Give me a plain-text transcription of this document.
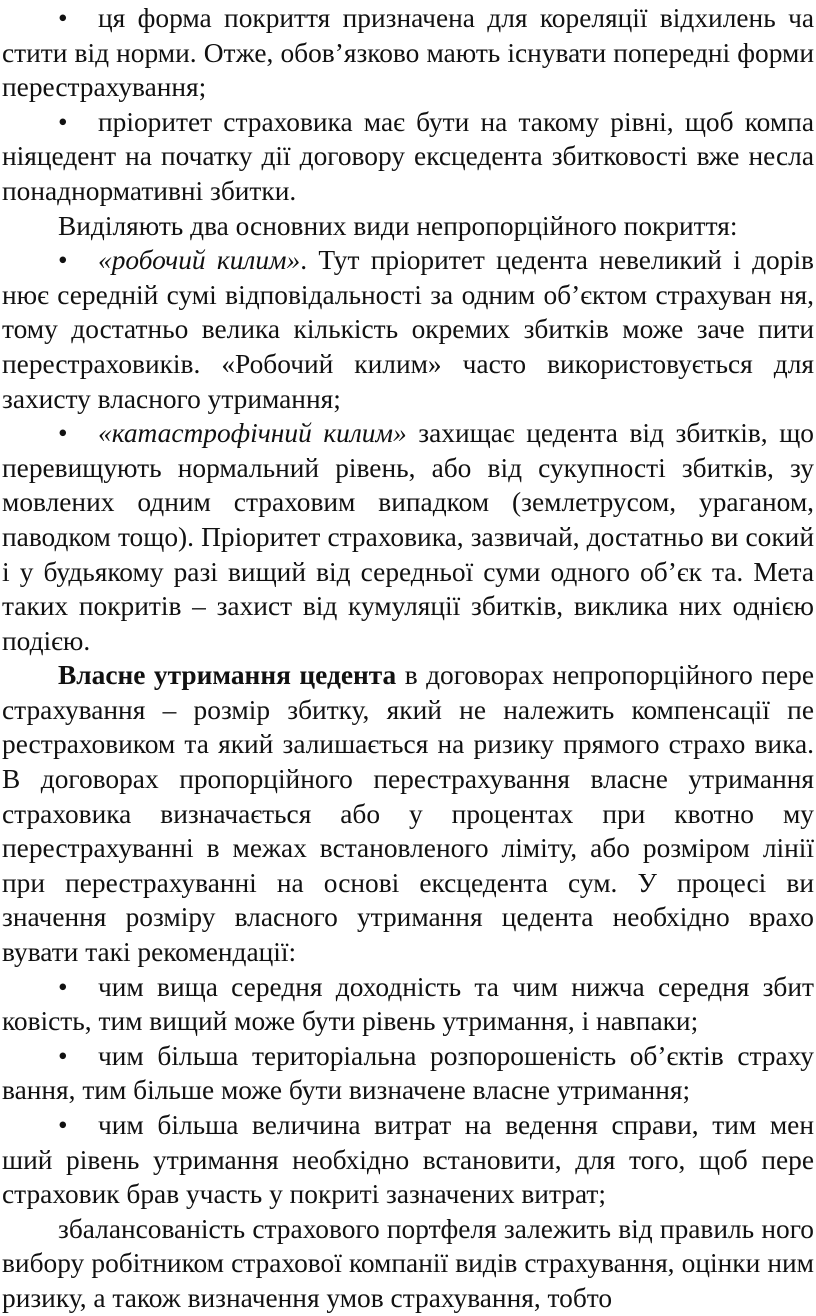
• ця форма покриття призначена для кореляції відхилень ча стити від норми. Отже, обов’язково мають існувати попередні форми перестрахування;

• пріоритет страховика має бути на такому рівні, щоб компа ніяцедент на початку дії договору ексцедента збитковості вже несла понаднормативні збитки.

Виділяють два основних види непропорційного покриття:

• «робочий килим». Тут пріоритет цедента невеликий і дорів нює середній сумі відповідальності за одним об’єктом страхуван ня, тому достатньо велика кількість окремих збитків може заче пити перестраховиків. «Робочий килим» часто використовується для захисту власного утримання;

• «катастрофічний килим» захищає цедента від збитків, що перевищують нормальний рівень, або від сукупності збитків, зу мовлених одним страховим випадком (землетрусом, ураганом, паводком тощо). Пріоритет страховика, зазвичай, достатньо ви сокий і у будьякому разі вищий від середньої суми одного об’єк та. Мета таких покритів – захист від кумуляції збитків, виклика них однією подією.

Власне утримання цедента в договорах непропорційного пере страхування – розмір збитку, який не належить компенсації пе рестраховиком та який залишається на ризику прямого страхо вика. В договорах пропорційного перестрахування власне утримання страховика визначається або у процентах при квотно му перестрахуванні в межах встановленого ліміту, або розміром лінії при перестрахуванні на основі ексцедента сум. У процесі ви значення розміру власного утримання цедента необхідно врахо вувати такі рекомендації:

• чим вища середня доходність та чим нижча середня збит ковість, тим вищий може бути рівень утримання, і навпаки;

• чим більша територіальна розпорошеність об’єктів страху вання, тим більше може бути визначене власне утримання;

• чим більша величина витрат на ведення справи, тим мен ший рівень утримання необхідно встановити, для того, щоб пере страховик брав участь у покриті зазначених витрат;

збалансованість страхового портфеля залежить від правиль ного вибору робітником страхової компанії видів страхування, оцінки ним ризику, а також визначення умов страхування, тобто
